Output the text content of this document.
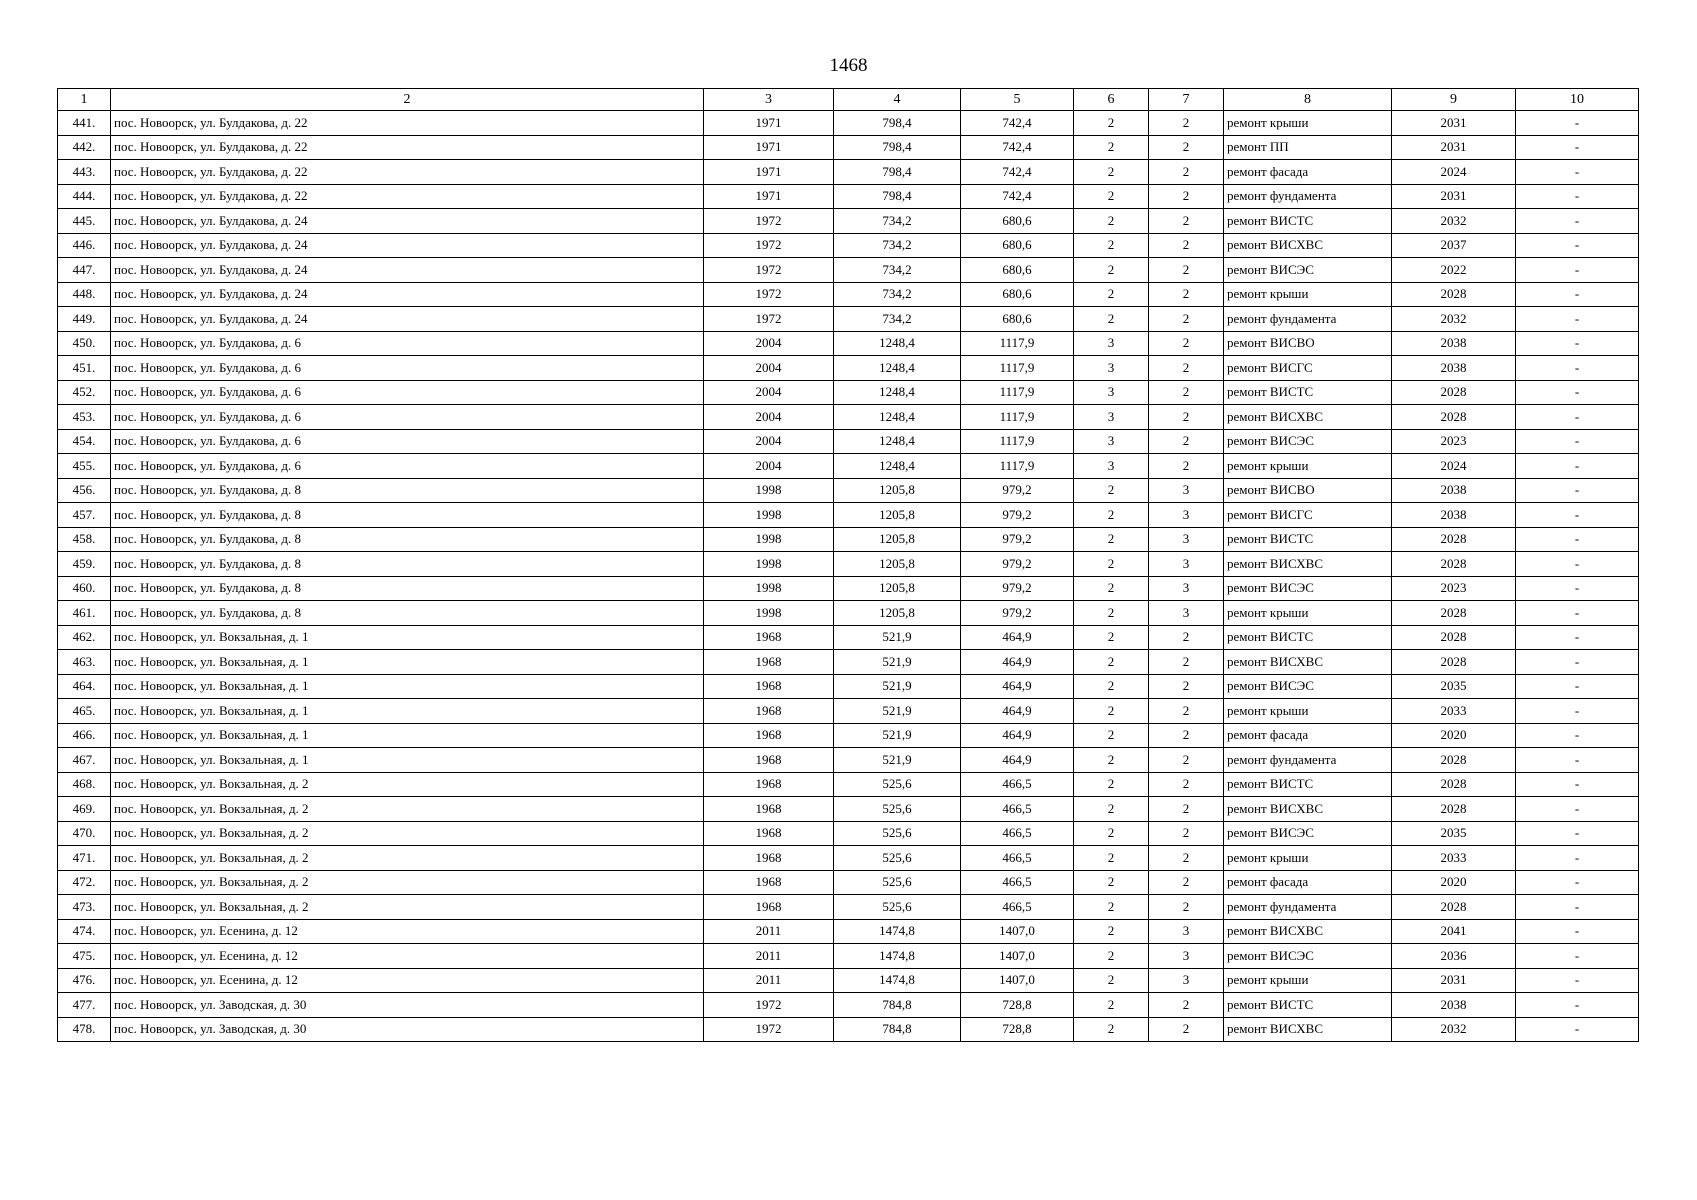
1468
1	2	3	4	5	6	7	8	9	10
441.	пос. Новоорск, ул. Булдакова, д. 22	1971	798,4	742,4	2	2	ремонт крыши	2031	-
442.	пос. Новоорск, ул. Булдакова, д. 22	1971	798,4	742,4	2	2	ремонт ПП	2031	-
443.	пос. Новоорск, ул. Булдакова, д. 22	1971	798,4	742,4	2	2	ремонт фасада	2024	-
444.	пос. Новоорск, ул. Булдакова, д. 22	1971	798,4	742,4	2	2	ремонт фундамента	2031	-
445.	пос. Новоорск, ул. Булдакова, д. 24	1972	734,2	680,6	2	2	ремонт ВИСТС	2032	-
446.	пос. Новоорск, ул. Булдакова, д. 24	1972	734,2	680,6	2	2	ремонт ВИСХВС	2037	-
447.	пос. Новоорск, ул. Булдакова, д. 24	1972	734,2	680,6	2	2	ремонт ВИСЭС	2022	-
448.	пос. Новоорск, ул. Булдакова, д. 24	1972	734,2	680,6	2	2	ремонт крыши	2028	-
449.	пос. Новоорск, ул. Булдакова, д. 24	1972	734,2	680,6	2	2	ремонт фундамента	2032	-
450.	пос. Новоорск, ул. Булдакова, д. 6	2004	1248,4	1117,9	3	2	ремонт ВИСВО	2038	-
451.	пос. Новоорск, ул. Булдакова, д. 6	2004	1248,4	1117,9	3	2	ремонт ВИСГС	2038	-
452.	пос. Новоорск, ул. Булдакова, д. 6	2004	1248,4	1117,9	3	2	ремонт ВИСТС	2028	-
453.	пос. Новоорск, ул. Булдакова, д. 6	2004	1248,4	1117,9	3	2	ремонт ВИСХВС	2028	-
454.	пос. Новоорск, ул. Булдакова, д. 6	2004	1248,4	1117,9	3	2	ремонт ВИСЭС	2023	-
455.	пос. Новоорск, ул. Булдакова, д. 6	2004	1248,4	1117,9	3	2	ремонт крыши	2024	-
456.	пос. Новоорск, ул. Булдакова, д. 8	1998	1205,8	979,2	2	3	ремонт ВИСВО	2038	-
457.	пос. Новоорск, ул. Булдакова, д. 8	1998	1205,8	979,2	2	3	ремонт ВИСГС	2038	-
458.	пос. Новоорск, ул. Булдакова, д. 8	1998	1205,8	979,2	2	3	ремонт ВИСТС	2028	-
459.	пос. Новоорск, ул. Булдакова, д. 8	1998	1205,8	979,2	2	3	ремонт ВИСХВС	2028	-
460.	пос. Новоорск, ул. Булдакова, д. 8	1998	1205,8	979,2	2	3	ремонт ВИСЭС	2023	-
461.	пос. Новоорск, ул. Булдакова, д. 8	1998	1205,8	979,2	2	3	ремонт крыши	2028	-
462.	пос. Новоорск, ул. Вокзальная, д. 1	1968	521,9	464,9	2	2	ремонт ВИСТС	2028	-
463.	пос. Новоорск, ул. Вокзальная, д. 1	1968	521,9	464,9	2	2	ремонт ВИСХВС	2028	-
464.	пос. Новоорск, ул. Вокзальная, д. 1	1968	521,9	464,9	2	2	ремонт ВИСЭС	2035	-
465.	пос. Новоорск, ул. Вокзальная, д. 1	1968	521,9	464,9	2	2	ремонт крыши	2033	-
466.	пос. Новоорск, ул. Вокзальная, д. 1	1968	521,9	464,9	2	2	ремонт фасада	2020	-
467.	пос. Новоорск, ул. Вокзальная, д. 1	1968	521,9	464,9	2	2	ремонт фундамента	2028	-
468.	пос. Новоорск, ул. Вокзальная, д. 2	1968	525,6	466,5	2	2	ремонт ВИСТС	2028	-
469.	пос. Новоорск, ул. Вокзальная, д. 2	1968	525,6	466,5	2	2	ремонт ВИСХВС	2028	-
470.	пос. Новоорск, ул. Вокзальная, д. 2	1968	525,6	466,5	2	2	ремонт ВИСЭС	2035	-
471.	пос. Новоорск, ул. Вокзальная, д. 2	1968	525,6	466,5	2	2	ремонт крыши	2033	-
472.	пос. Новоорск, ул. Вокзальная, д. 2	1968	525,6	466,5	2	2	ремонт фасада	2020	-
473.	пос. Новоорск, ул. Вокзальная, д. 2	1968	525,6	466,5	2	2	ремонт фундамента	2028	-
474.	пос. Новоорск, ул. Есенина, д. 12	2011	1474,8	1407,0	2	3	ремонт ВИСХВС	2041	-
475.	пос. Новоорск, ул. Есенина, д. 12	2011	1474,8	1407,0	2	3	ремонт ВИСЭС	2036	-
476.	пос. Новоорск, ул. Есенина, д. 12	2011	1474,8	1407,0	2	3	ремонт крыши	2031	-
477.	пос. Новоорск, ул. Заводская, д. 30	1972	784,8	728,8	2	2	ремонт ВИСТС	2038	-
478.	пос. Новоорск, ул. Заводская, д. 30	1972	784,8	728,8	2	2	ремонт ВИСХВС	2032	-
